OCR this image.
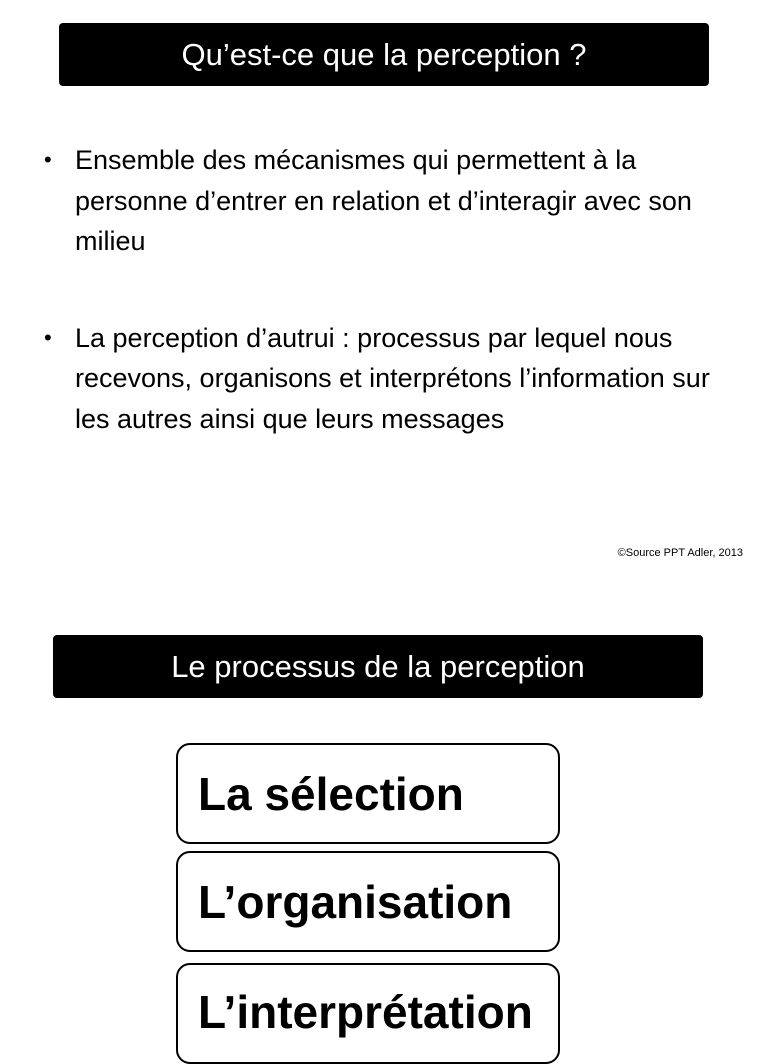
Qu’est-ce que la perception ?
• Ensemble des mécanismes qui permettent à la personne d’entrer en relation et d’interagir avec son milieu
• La perception d’autrui : processus par lequel nous recevons, organisons et interprétons l’information sur les autres ainsi que leurs messages
©Source PPT Adler, 2013
Le processus de la perception
La sélection
L’organisation
L’interprétation
